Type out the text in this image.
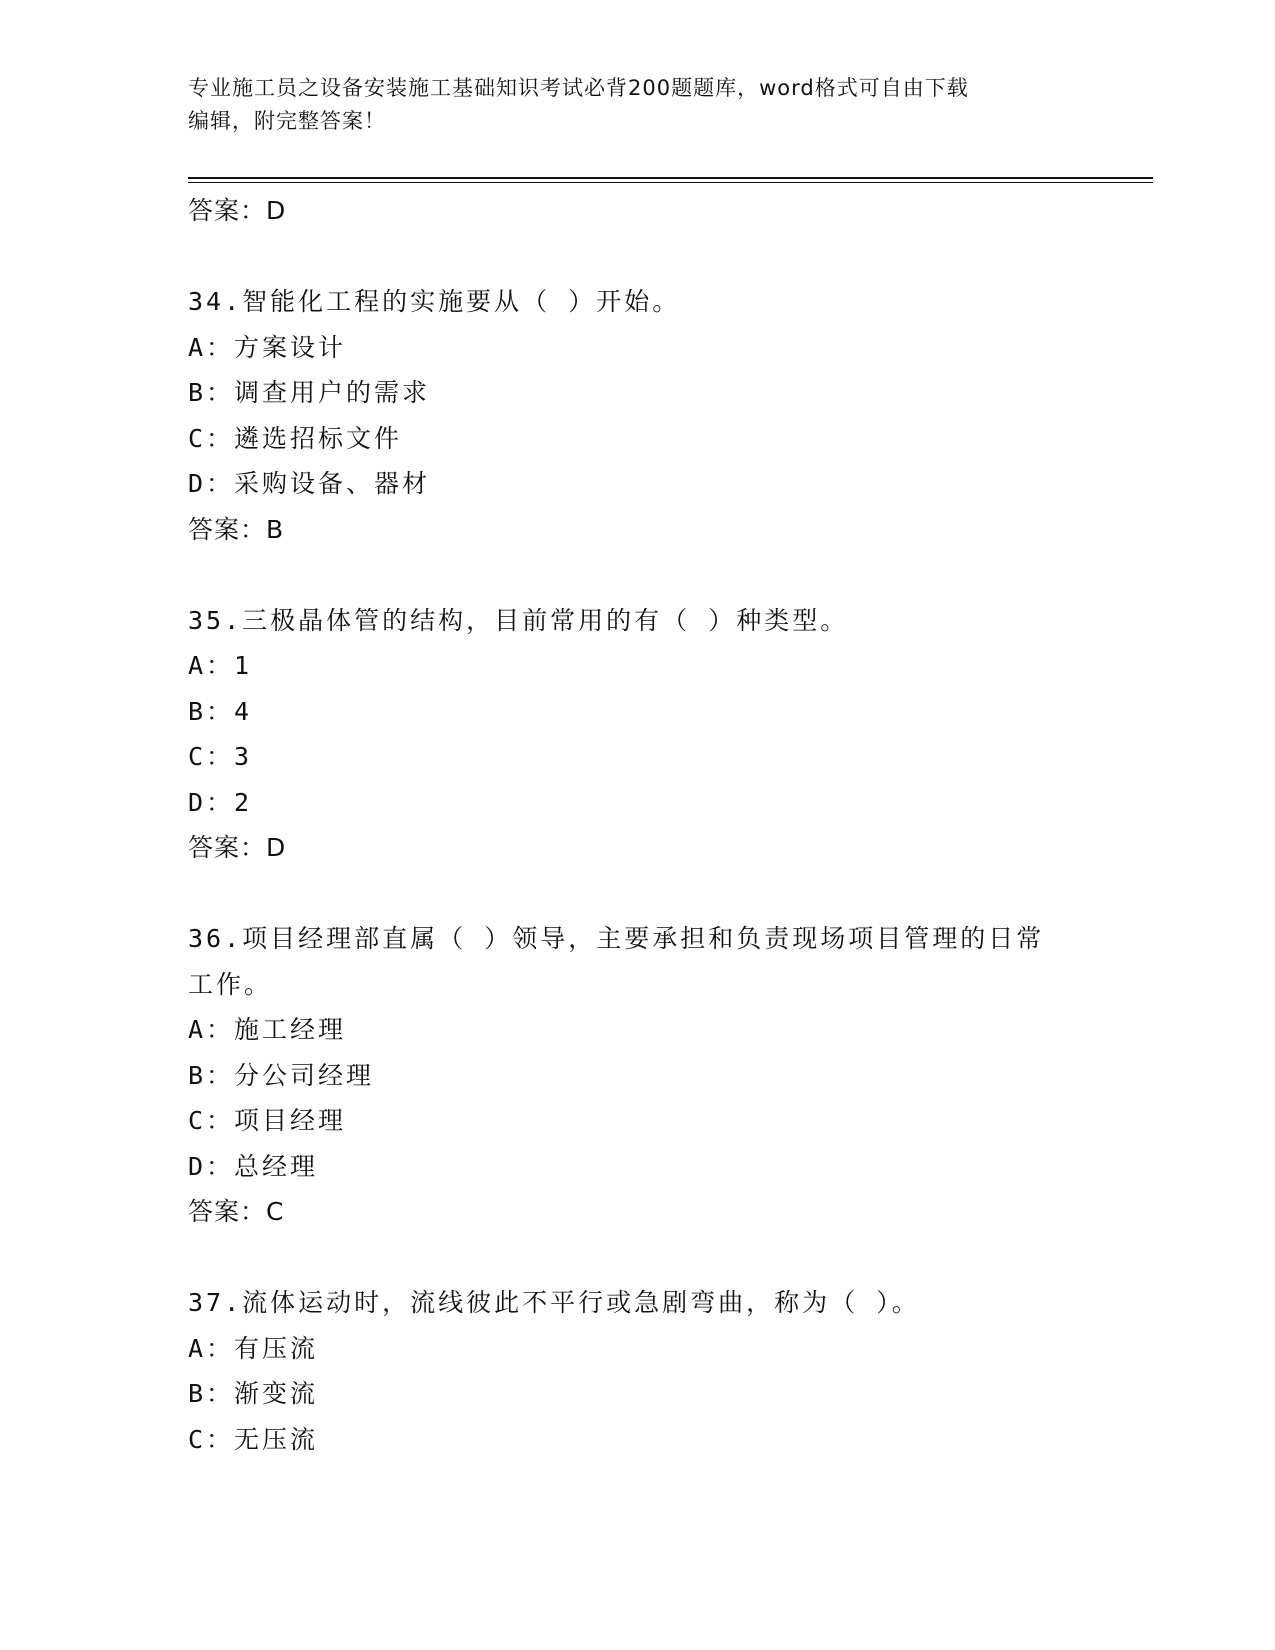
专业施工员之设备安装施工基础知识考试必背200题题库，word格式可自由下载
编辑，附完整答案！
答案：D
34.智能化工程的实施要从（ ）开始。
A：方案设计
B：调查用户的需求
C：遴选招标文件
D：采购设备、器材
答案：B
35.三极晶体管的结构，目前常用的有（ ）种类型。
A：1
B：4
C：3
D：2
答案：D
36.项目经理部直属（ ）领导，主要承担和负责现场项目管理的日常
工作。
A：施工经理
B：分公司经理
C：项目经理
D：总经理
答案：C
37.流体运动时，流线彼此不平行或急剧弯曲，称为（ ）。
A：有压流
B：渐变流
C：无压流
